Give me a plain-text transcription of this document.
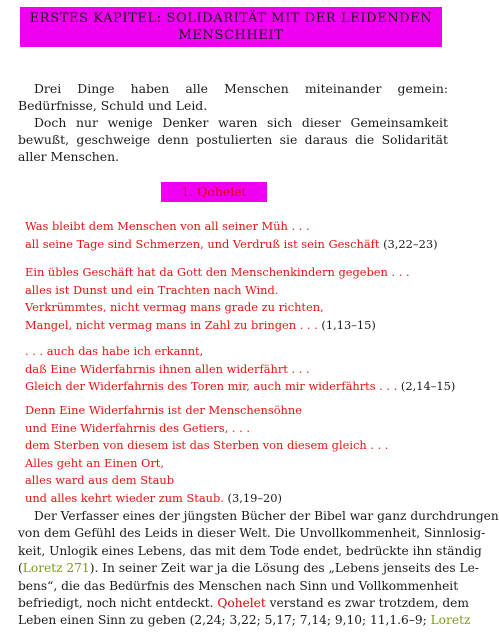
ERSTES KAPITEL: SOLIDARITÄT MIT DER LEIDENDEN
MENSCHHEIT

Drei Dinge haben alle Menschen miteinander gemein: Bedürfnisse, Schuld und Leid.

Doch nur wenige Denker waren sich dieser Gemeinsamkeit bewußt, geschweige denn postulierten sie daraus die Solidarität aller Menschen.

1. Qohelet
Was bleibt dem Menschen von all seiner Müh . . .
all seine Tage sind Schmerzen, und Verdruß ist sein Geschäft (3,22–23)
Ein übles Geschäft hat da Gott den Menschenkindern gegeben . . .
alles ist Dunst und ein Trachten nach Wind.
Verkrümmtes, nicht vermag mans grade zu richten,
Mangel, nicht vermag mans in Zahl zu bringen . . . (1,13–15)
. . . auch das habe ich erkannt,
daß Eine Widerfahrnis ihnen allen widerfährt . . .
Gleich der Widerfahrnis des Toren mir, auch mir widerfährts . . . (2,14–15)
Denn Eine Widerfahrnis ist der Menschensöhne
und Eine Widerfahrnis des Getiers, . . .
dem Sterben von diesem ist das Sterben von diesem gleich . . .
Alles geht an Einen Ort,
alles ward aus dem Staub
und alles kehrt wieder zum Staub. (3,19–20)
Der Verfasser eines der jüngsten Bücher der Bibel war ganz durchdrungen
von dem Gefühl des Leids in dieser Welt. Die Unvollkommenheit, Sinnlosig-
keit, Unlogik eines Lebens, das mit dem Tode endet, bedrückte ihn ständig
(Loretz 271). In seiner Zeit war ja die Lösung des „Lebens jenseits des Le-
bens“, die das Bedürfnis des Menschen nach Sinn und Vollkommenheit
befriedigt, noch nicht entdeckt. Qohelet verstand es zwar trotzdem, dem
Leben einen Sinn zu geben (2,24; 3,22; 5,17; 7,14; 9,10; 11,1.6–9; Loretz
